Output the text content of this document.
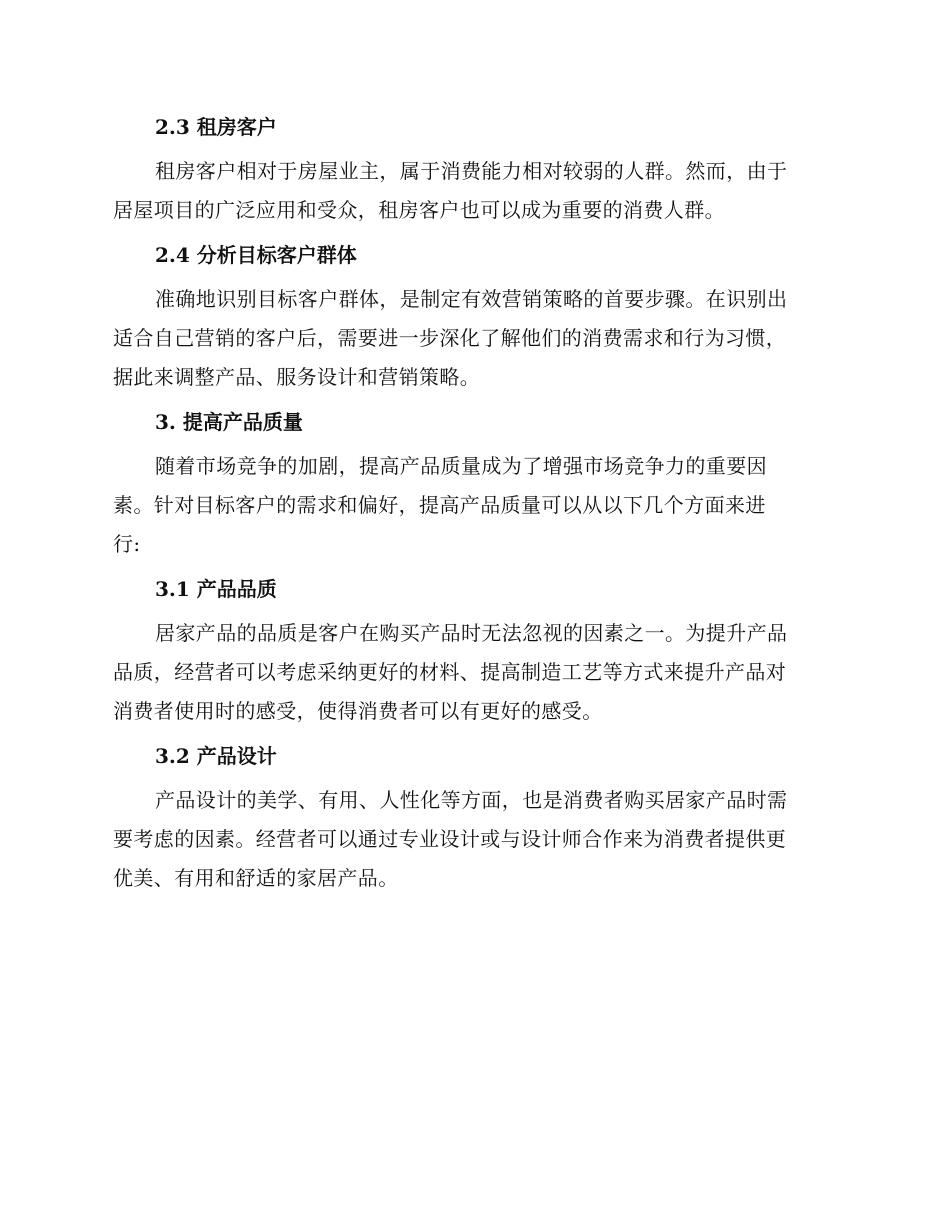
2.3 租房客户
租房客户相对于房屋业主，属于消费能力相对较弱的人群。然而，由于
居屋项目的广泛应用和受众，租房客户也可以成为重要的消费人群。
2.4 分析目标客户群体
准确地识别目标客户群体，是制定有效营销策略的首要步骤。在识别出
适合自己营销的客户后，需要进一步深化了解他们的消费需求和行为习惯，
据此来调整产品、服务设计和营销策略。
3. 提高产品质量
随着市场竞争的加剧，提高产品质量成为了增强市场竞争力的重要因
素。针对目标客户的需求和偏好，提高产品质量可以从以下几个方面来进
行:
3.1 产品品质
居家产品的品质是客户在购买产品时无法忽视的因素之一。为提升产品
品质，经营者可以考虑采纳更好的材料、提高制造工艺等方式来提升产品对
消费者使用时的感受，使得消费者可以有更好的感受。
3.2 产品设计
产品设计的美学、有用、人性化等方面，也是消费者购买居家产品时需
要考虑的因素。经营者可以通过专业设计或与设计师合作来为消费者提供更
优美、有用和舒适的家居产品。
